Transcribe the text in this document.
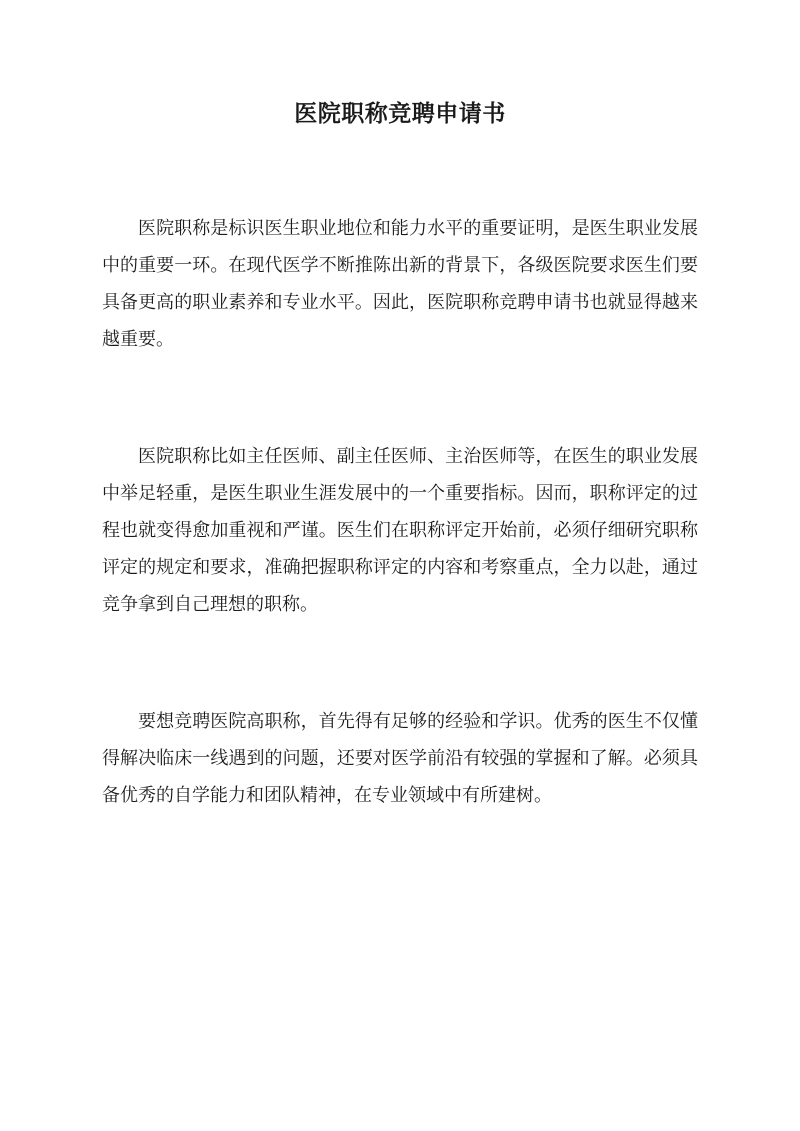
医院职称竞聘申请书

医院职称是标识医生职业地位和能力水平的重要证明，是医生职业发展中的重要一环。在现代医学不断推陈出新的背景下，各级医院要求医生们要具备更高的职业素养和专业水平。因此，医院职称竞聘申请书也就显得越来越重要。

医院职称比如主任医师、副主任医师、主治医师等，在医生的职业发展中举足轻重，是医生职业生涯发展中的一个重要指标。因而，职称评定的过程也就变得愈加重视和严谨。医生们在职称评定开始前，必须仔细研究职称评定的规定和要求，准确把握职称评定的内容和考察重点，全力以赴，通过竞争拿到自己理想的职称。

要想竞聘医院高职称，首先得有足够的经验和学识。优秀的医生不仅懂得解决临床一线遇到的问题，还要对医学前沿有较强的掌握和了解。必须具备优秀的自学能力和团队精神，在专业领域中有所建树。
